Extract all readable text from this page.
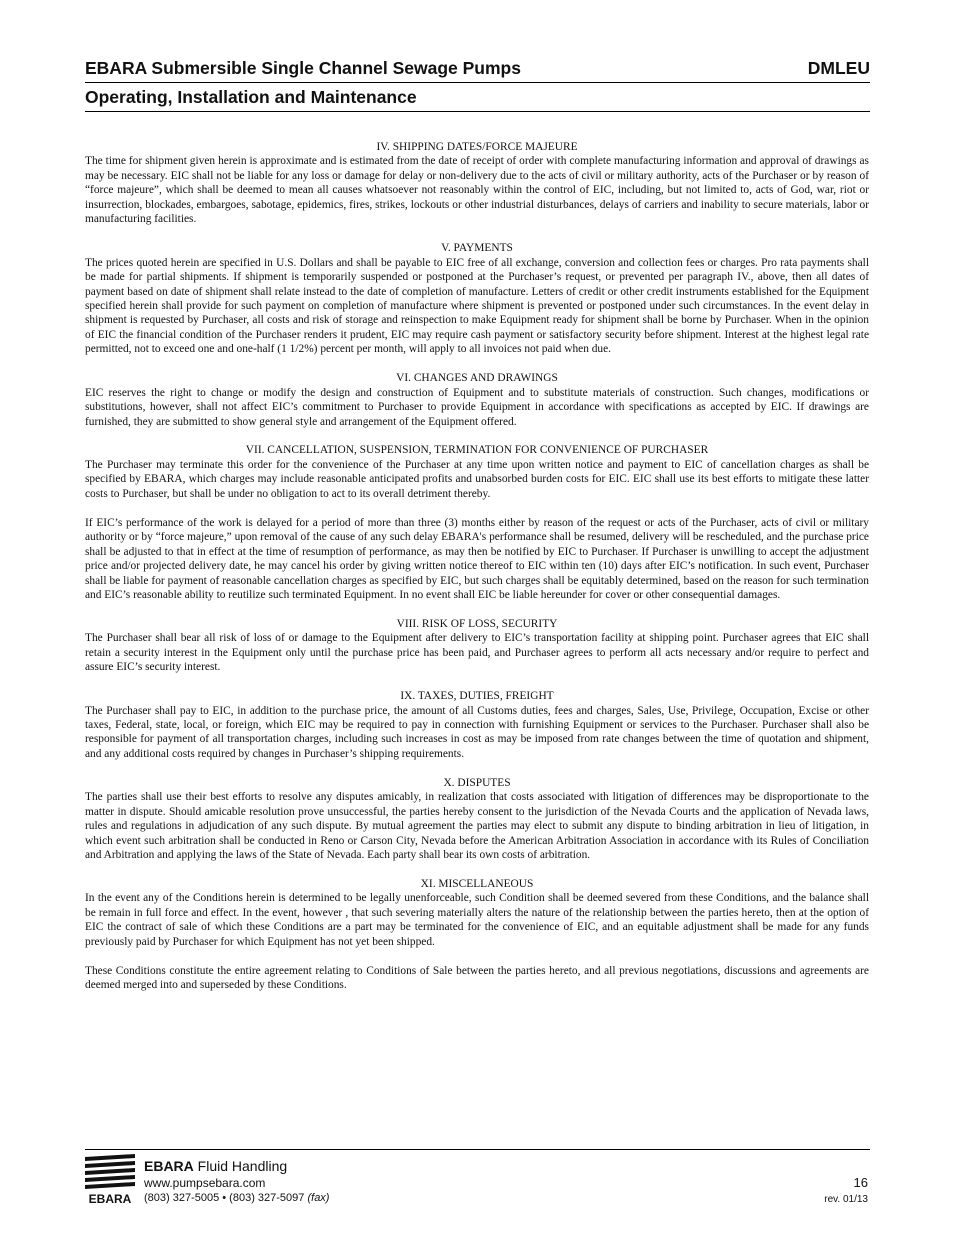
EBARA Submersible Single Channel Sewage Pumps	DMLEU
Operating, Installation and Maintenance
IV. SHIPPING DATES/FORCE MAJEURE

The time for shipment given herein is approximate and is estimated from the date of receipt of order with complete manufacturing information and approval of drawings as may be necessary. EIC shall not be liable for any loss or damage for delay or non-delivery due to the acts of civil or military authority, acts of the Purchaser or by reason of “force majeure”, which shall be deemed to mean all causes whatsoever not reasonably within the control of EIC, including, but not limited to, acts of God, war, riot or insurrection, blockades, embargoes, sabotage, epidemics, fires, strikes, lockouts or other industrial disturbances, delays of carriers and inability to secure materials, labor or manufacturing facilities.

V. PAYMENTS

The prices quoted herein are specified in U.S. Dollars and shall be payable to EIC free of all exchange, conversion and collection fees or charges. Pro rata payments shall be made for partial shipments. If shipment is temporarily suspended or postponed at the Purchaser’s request, or prevented per paragraph IV., above, then all dates of payment based on date of shipment shall relate instead to the date of completion of manufacture. Letters of credit or other credit instruments established for the Equipment specified herein shall provide for such payment on completion of manufacture where shipment is prevented or postponed under such circumstances. In the event delay in shipment is requested by Purchaser, all costs and risk of storage and reinspection to make Equipment ready for shipment shall be borne by Purchaser. When in the opinion of EIC the financial condition of the Purchaser renders it prudent, EIC may require cash payment or satisfactory security before shipment. Interest at the highest legal rate permitted, not to exceed one and one-half (1 1/2%) percent per month, will apply to all invoices not paid when due.

VI. CHANGES AND DRAWINGS

EIC reserves the right to change or modify the design and construction of Equipment and to substitute materials of construction. Such changes, modifications or substitutions, however, shall not affect EIC’s commitment to Purchaser to provide Equipment in accordance with specifications as accepted by EIC. If drawings are furnished, they are submitted to show general style and arrangement of the Equipment offered.

VII. CANCELLATION, SUSPENSION, TERMINATION FOR CONVENIENCE OF PURCHASER

The Purchaser may terminate this order for the convenience of the Purchaser at any time upon written notice and payment to EIC of cancellation charges as shall be specified by EBARA, which charges may include reasonable anticipated profits and unabsorbed burden costs for EIC. EIC shall use its best efforts to mitigate these latter costs to Purchaser, but shall be under no obligation to act to its overall detriment thereby.

If EIC’s performance of the work is delayed for a period of more than three (3) months either by reason of the request or acts of the Purchaser, acts of civil or military authority or by “force majeure,” upon removal of the cause of any such delay EBARA's performance shall be resumed, delivery will be rescheduled, and the purchase price shall be adjusted to that in effect at the time of resumption of performance, as may then be notified by EIC to Purchaser. If Purchaser is unwilling to accept the adjustment price and/or projected delivery date, he may cancel his order by giving written notice thereof to EIC within ten (10) days after EIC’s notification. In such event, Purchaser shall be liable for payment of reasonable cancellation charges as specified by EIC, but such charges shall be equitably determined, based on the reason for such termination and EIC’s reasonable ability to reutilize such terminated Equipment. In no event shall EIC be liable hereunder for cover or other consequential damages.

VIII. RISK OF LOSS, SECURITY

The Purchaser shall bear all risk of loss of or damage to the Equipment after delivery to EIC’s transportation facility at shipping point. Purchaser agrees that EIC shall retain a security interest in the Equipment only until the purchase price has been paid, and Purchaser agrees to perform all acts necessary and/or require to perfect and assure EIC’s security interest.

IX. TAXES, DUTIES, FREIGHT

The Purchaser shall pay to EIC, in addition to the purchase price, the amount of all Customs duties, fees and charges, Sales, Use, Privilege, Occupation, Excise or other taxes, Federal, state, local, or foreign, which EIC may be required to pay in connection with furnishing Equipment or services to the Purchaser. Purchaser shall also be responsible for payment of all transportation charges, including such increases in cost as may be imposed from rate changes between the time of quotation and shipment, and any additional costs required by changes in Purchaser’s shipping requirements.

X. DISPUTES

The parties shall use their best efforts to resolve any disputes amicably, in realization that costs associated with litigation of differences may be disproportionate to the matter in dispute. Should amicable resolution prove unsuccessful, the parties hereby consent to the jurisdiction of the Nevada Courts and the application of Nevada laws, rules and regulations in adjudication of any such dispute. By mutual agreement the parties may elect to submit any dispute to binding arbitration in lieu of litigation, in which event such arbitration shall be conducted in Reno or Carson City, Nevada before the American Arbitration Association in accordance with its Rules of Conciliation and Arbitration and applying the laws of the State of Nevada. Each party shall bear its own costs of arbitration.

XI. MISCELLANEOUS

In the event any of the Conditions herein is determined to be legally unenforceable, such Condition shall be deemed severed from these Conditions, and the balance shall be remain in full force and effect. In the event, however , that such severing materially alters the nature of the relationship between the parties hereto, then at the option of EIC the contract of sale of which these Conditions are a part may be terminated for the convenience of EIC, and an equitable adjustment shall be made for any funds previously paid by Purchaser for which Equipment has not yet been shipped.

These Conditions constitute the entire agreement relating to Conditions of Sale between the parties hereto, and all previous negotiations, discussions and agreements are deemed merged into and superseded by these Conditions.

EBARA
EBARA Fluid Handling
www.pumpsebara.com
(803) 327-5005 • (803) 327-5097 (fax)
16
rev. 01/13
